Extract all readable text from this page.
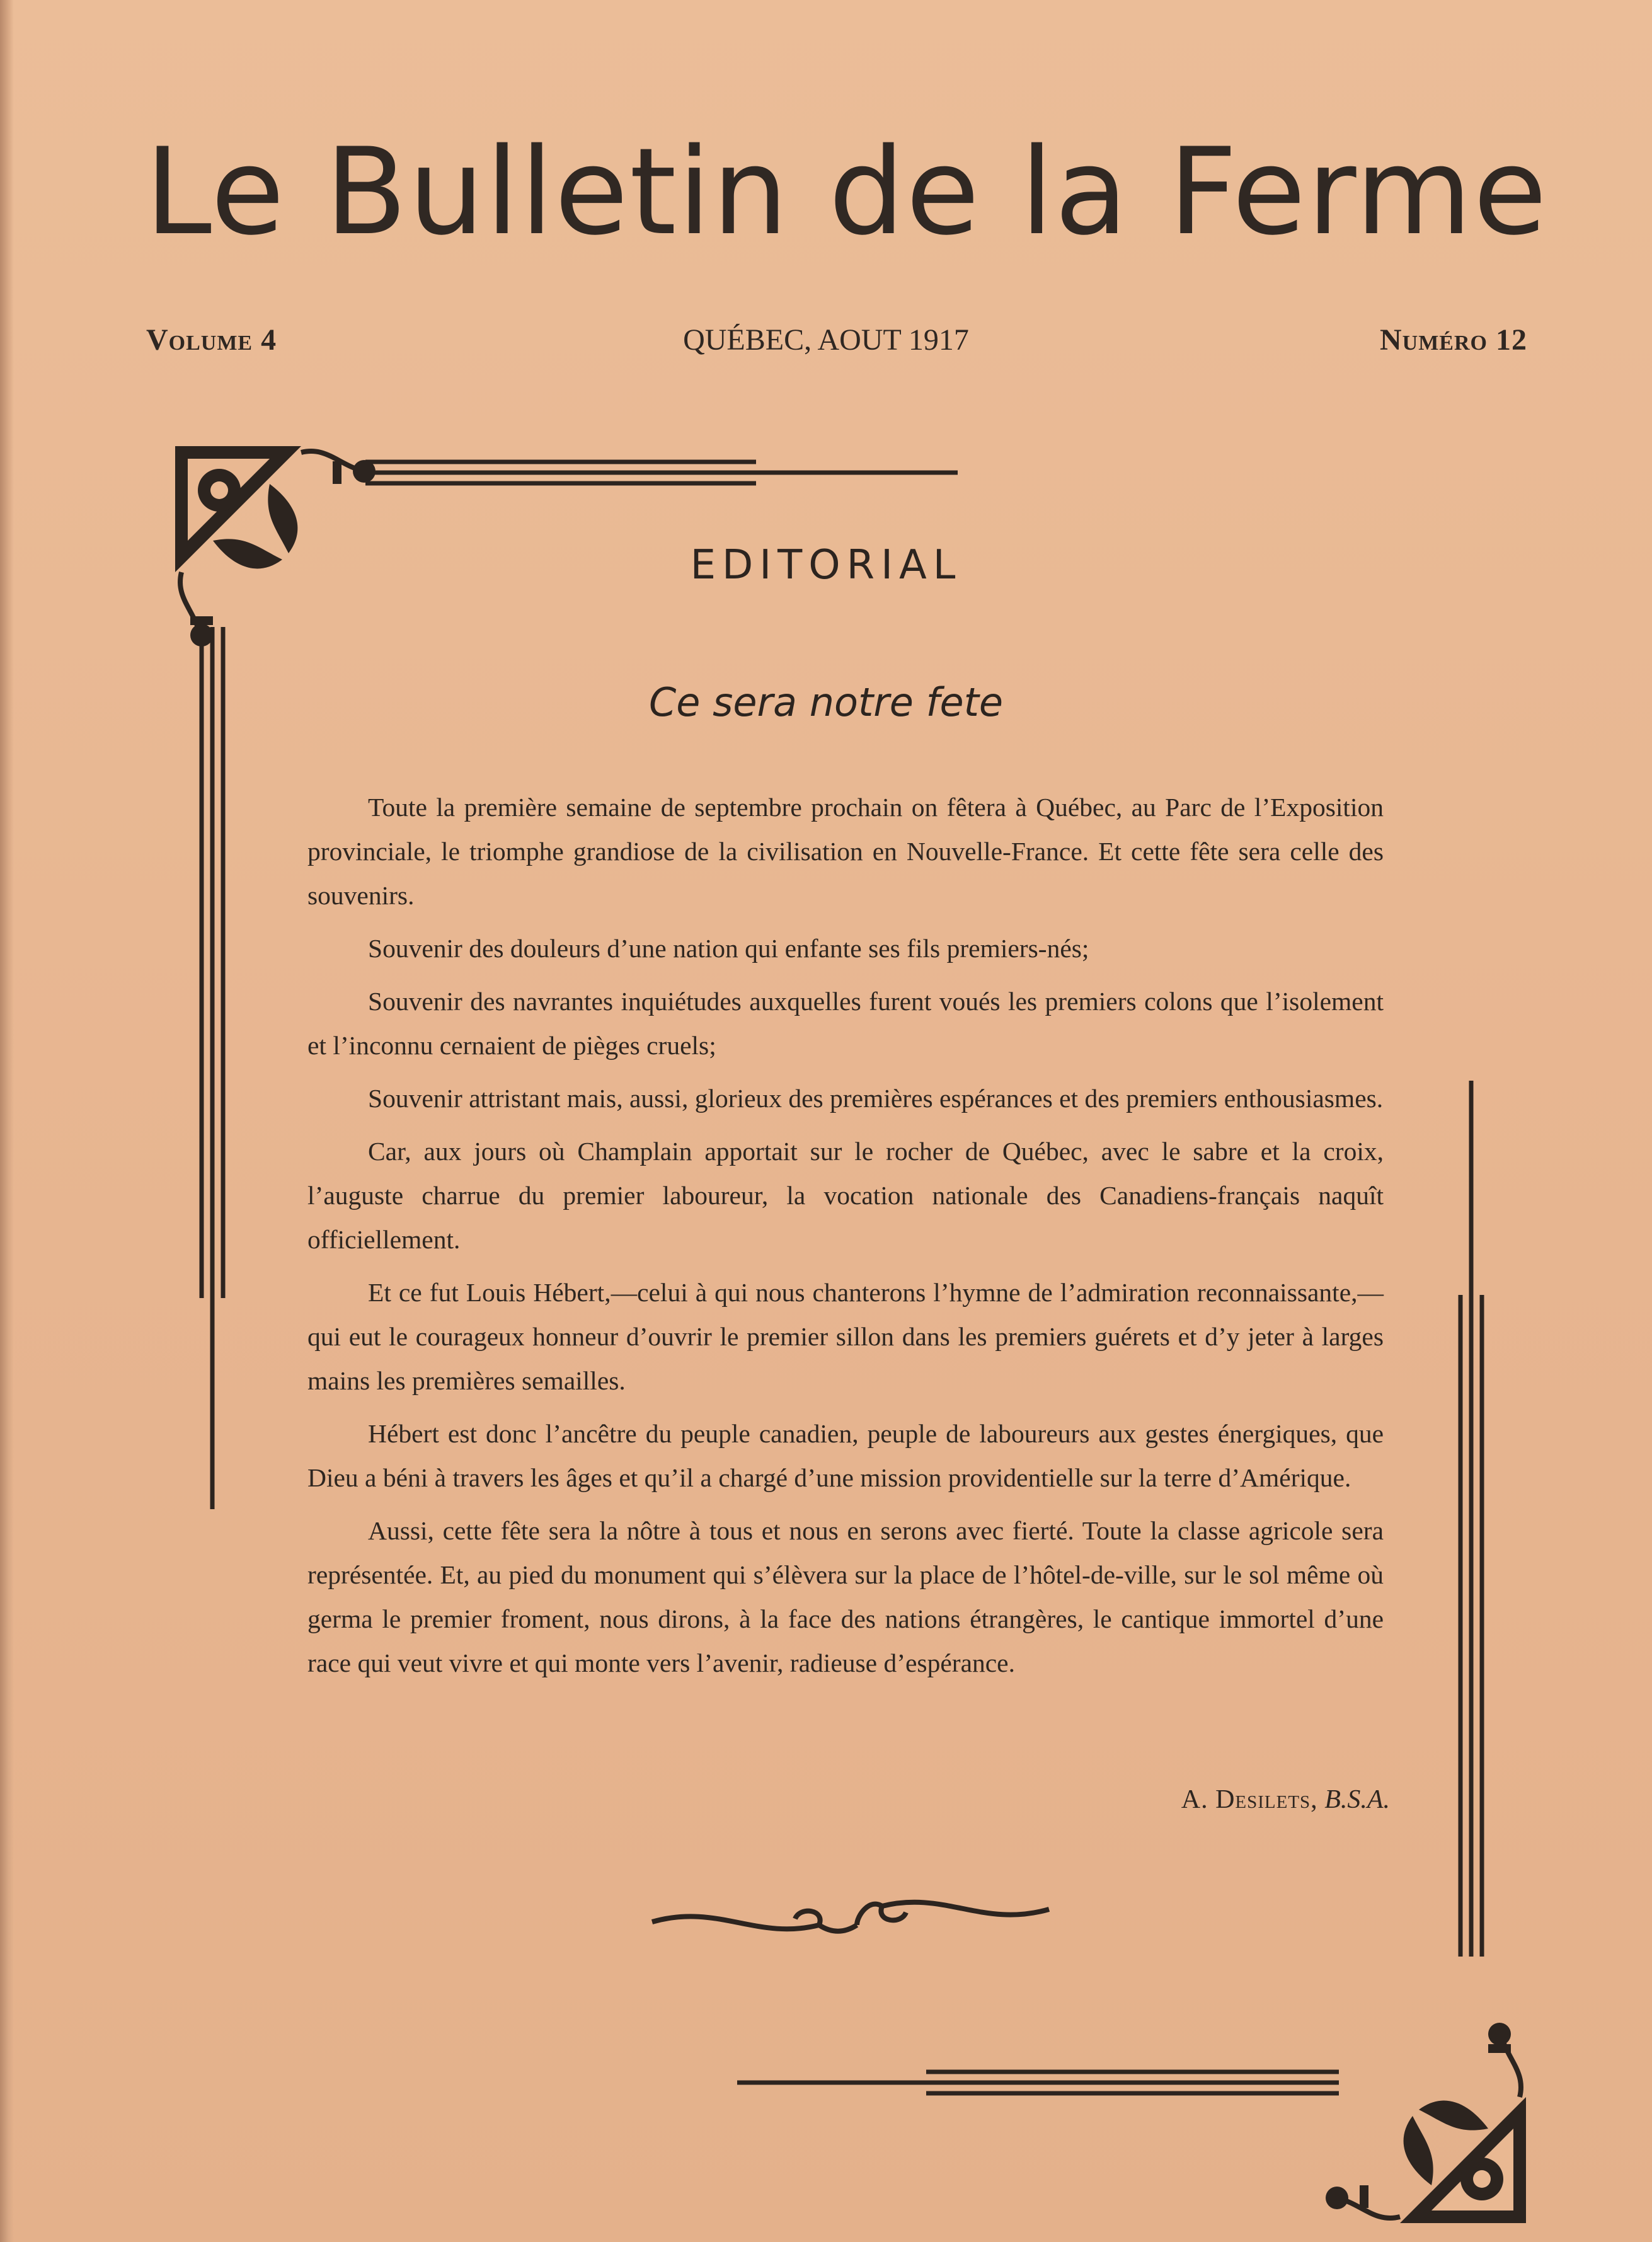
Le Bulletin de la Ferme
Volume 4	QUÉBEC, AOUT 1917	Numéro 12
EDITORIAL
Ce sera notre fete

Toute la première semaine de septembre prochain on fêtera à Québec, au Parc de l’Exposition provinciale, le triomphe grandiose de la civilisation en Nouvelle-France. Et cette fête sera celle des souvenirs.

Souvenir des douleurs d’une nation qui enfante ses fils premiers-nés;

Souvenir des navrantes inquiétudes auxquelles furent voués les premiers colons que l’isolement et l’inconnu cernaient de pièges cruels;

Souvenir attristant mais, aussi, glorieux des premières espérances et des premiers enthousiasmes.

Car, aux jours où Champlain apportait sur le rocher de Québec, avec le sabre et la croix, l’auguste charrue du premier laboureur, la vocation nationale des Canadiens-français naquît officiellement.

Et ce fut Louis Hébert,—celui à qui nous chanterons l’hymne de l’admiration reconnaissante,—qui eut le courageux honneur d’ouvrir le premier sillon dans les premiers guérets et d’y jeter à larges mains les premières semailles.

Hébert est donc l’ancêtre du peuple canadien, peuple de laboureurs aux gestes énergiques, que Dieu a béni à travers les âges et qu’il a chargé d’une mission providentielle sur la terre d’Amérique.

Aussi, cette fête sera la nôtre à tous et nous en serons avec fierté. Toute la classe agricole sera représentée. Et, au pied du monument qui s’élèvera sur la place de l’hôtel-de-ville, sur le sol même où germa le premier froment, nous dirons, à la face des nations étrangères, le cantique immortel d’une race qui veut vivre et qui monte vers l’avenir, radieuse d’espérance.

A. Desilets, B.S.A.
